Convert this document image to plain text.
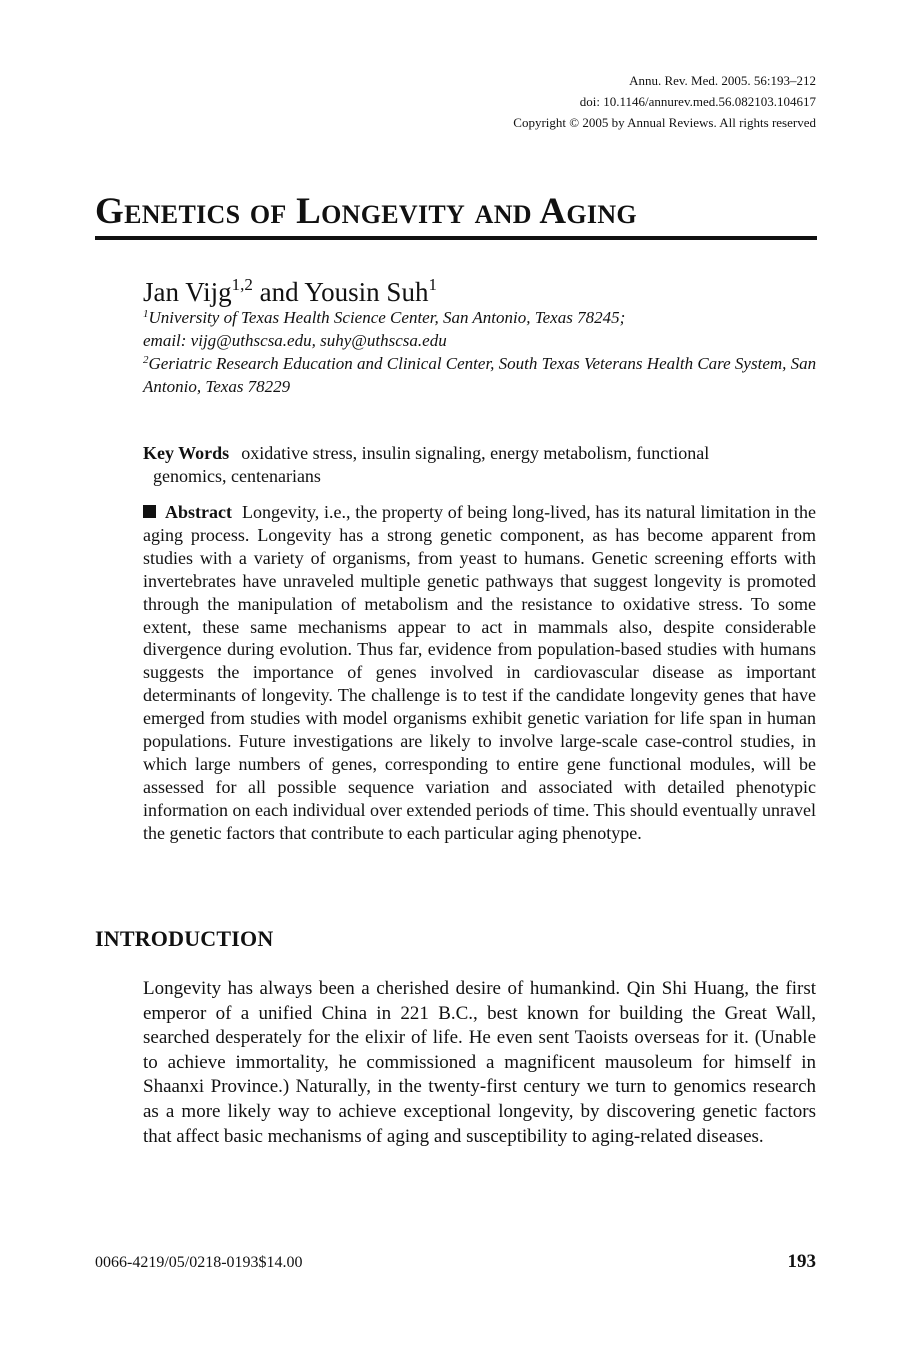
Annu. Rev. Med. 2005. 56:193–212
doi: 10.1146/annurev.med.56.082103.104617
Copyright © 2005 by Annual Reviews. All rights reserved
Genetics of Longevity and Aging
Jan Vijg$^{1,2}$ and Yousin Suh$^1$
$^1$University of Texas Health Science Center, San Antonio, Texas 78245;
email: vijg@uthscsa.edu, suhy@uthscsa.edu
$^2$Geriatric Research Education and Clinical Center, South Texas Veterans Health Care System, San Antonio, Texas 78229
Key Words oxidative stress, insulin signaling, energy metabolism, functional
genomics, centenarians
Abstract Longevity, i.e., the property of being long-lived, has its natural limitation in the aging process. Longevity has a strong genetic component, as has become apparent from studies with a variety of organisms, from yeast to humans. Genetic screening efforts with invertebrates have unraveled multiple genetic pathways that suggest longevity is promoted through the manipulation of metabolism and the resistance to oxidative stress. To some extent, these same mechanisms appear to act in mammals also, despite considerable divergence during evolution. Thus far, evidence from population-based studies with humans suggests the importance of genes involved in cardiovascular disease as important determinants of longevity. The challenge is to test if the candidate longevity genes that have emerged from studies with model organisms exhibit genetic variation for life span in human populations. Future investigations are likely to involve large-scale case-control studies, in which large numbers of genes, corresponding to entire gene functional modules, will be assessed for all possible sequence variation and associated with detailed phenotypic information on each individual over extended periods of time. This should eventually unravel the genetic factors that contribute to each particular aging phenotype.
INTRODUCTION
Longevity has always been a cherished desire of humankind. Qin Shi Huang, the first emperor of a unified China in 221 B.C., best known for building the Great Wall, searched desperately for the elixir of life. He even sent Taoists overseas for it. (Unable to achieve immortality, he commissioned a magnificent mausoleum for himself in Shaanxi Province.) Naturally, in the twenty-first century we turn to genomics research as a more likely way to achieve exceptional longevity, by discovering genetic factors that affect basic mechanisms of aging and susceptibility to aging-related diseases.
0066-4219/05/0218-0193$14.00	193
